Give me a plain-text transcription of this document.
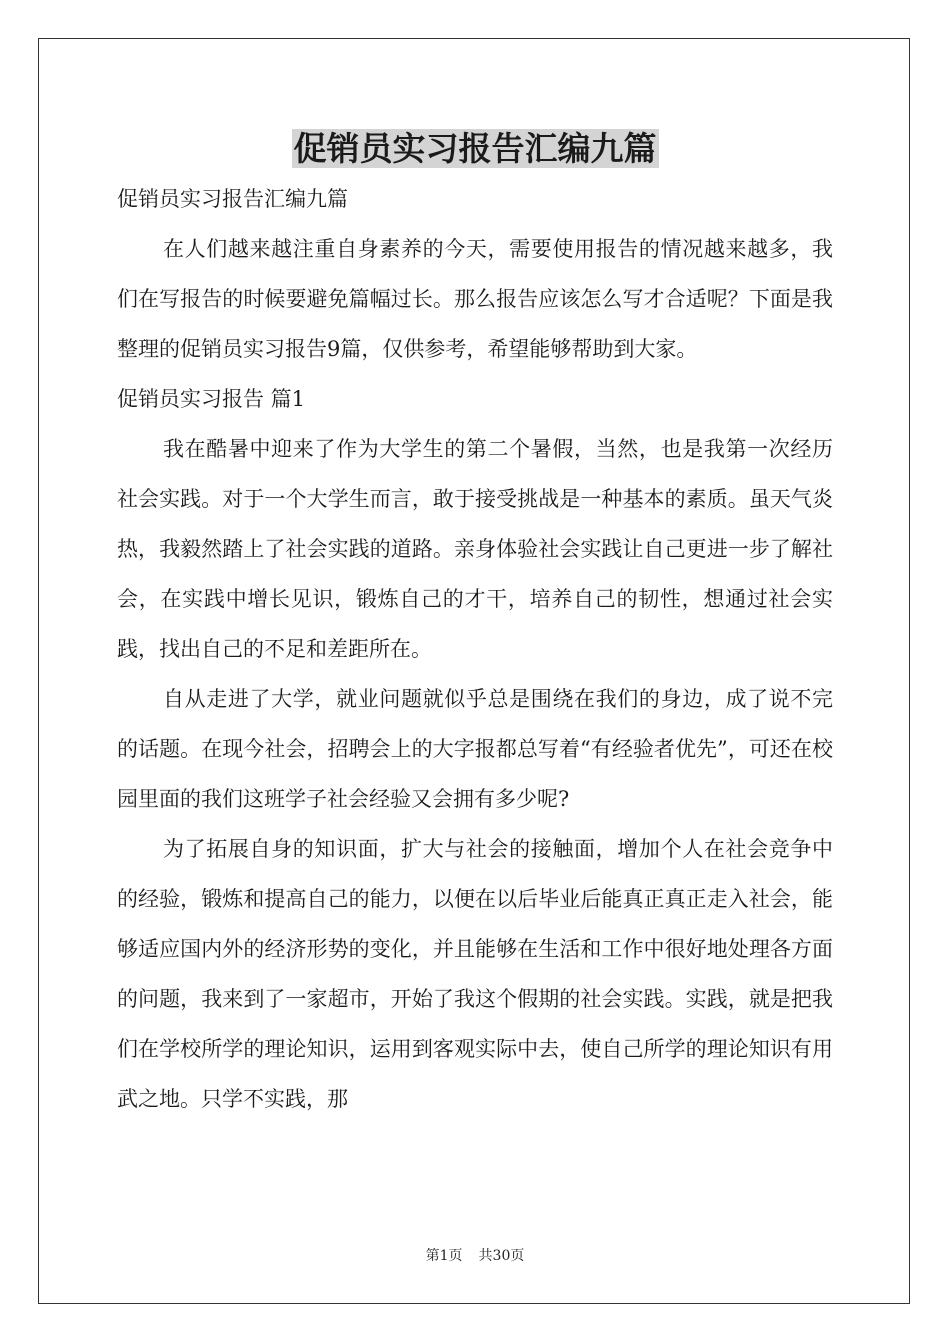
促销员实习报告汇编九篇

促销员实习报告汇编九篇

在人们越来越注重自身素养的今天，需要使用报告的情况越来越多，我们在写报告的时候要避免篇幅过长。那么报告应该怎么写才合适呢？下面是我整理的促销员实习报告9篇，仅供参考，希望能够帮助到大家。

促销员实习报告 篇1

我在酷暑中迎来了作为大学生的第二个暑假，当然，也是我第一次经历社会实践。对于一个大学生而言，敢于接受挑战是一种基本的素质。虽天气炎热，我毅然踏上了社会实践的道路。亲身体验社会实践让自己更进一步了解社会，在实践中增长见识，锻炼自己的才干，培养自己的韧性，想通过社会实践，找出自己的不足和差距所在。

自从走进了大学，就业问题就似乎总是围绕在我们的身边，成了说不完的话题。在现今社会，招聘会上的大字报都总写着“有经验者优先”，可还在校园里面的我们这班学子社会经验又会拥有多少呢?

为了拓展自身的知识面，扩大与社会的接触面，增加个人在社会竞争中的经验，锻炼和提高自己的能力，以便在以后毕业后能真正真正走入社会，能够适应国内外的经济形势的变化，并且能够在生活和工作中很好地处理各方面的问题，我来到了一家超市，开始了我这个假期的社会实践。实践，就是把我们在学校所学的理论知识，运用到客观实际中去，使自己所学的理论知识有用武之地。只学不实践，那

第1页 共30页
